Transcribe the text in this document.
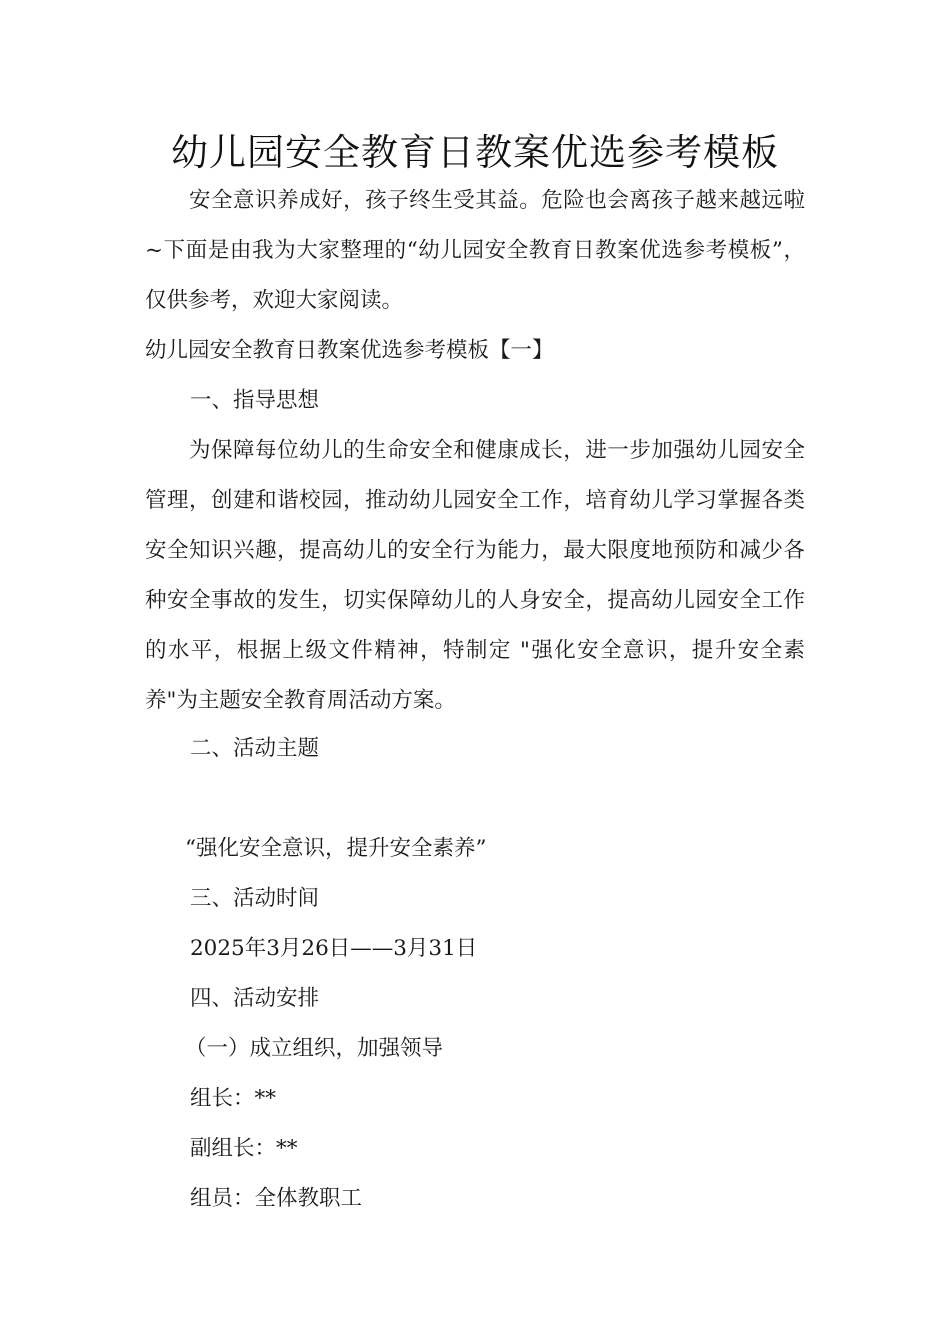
幼儿园安全教育日教案优选参考模板

安全意识养成好，孩子终生受其益。危险也会离孩子越来越远啦~下面是由我为大家整理的“幼儿园安全教育日教案优选参考模板”，仅供参考，欢迎大家阅读。

幼儿园安全教育日教案优选参考模板【一】
一、指导思想

为保障每位幼儿的生命安全和健康成长，进一步加强幼儿园安全管理，创建和谐校园，推动幼儿园安全工作，培育幼儿学习掌握各类安全知识兴趣，提高幼儿的安全行为能力，最大限度地预防和减少各种安全事故的发生，切实保障幼儿的人身安全，提高幼儿园安全工作的水平，根据上级文件精神，特制定 "强化安全意识，提升安全素养"为主题安全教育周活动方案。

二、活动主题
“强化安全意识，提升安全素养”
三、活动时间
2025年3月26日——3月31日
四、活动安排
（一）成立组织，加强领导
组长：**
副组长：**
组员：全体教职工
